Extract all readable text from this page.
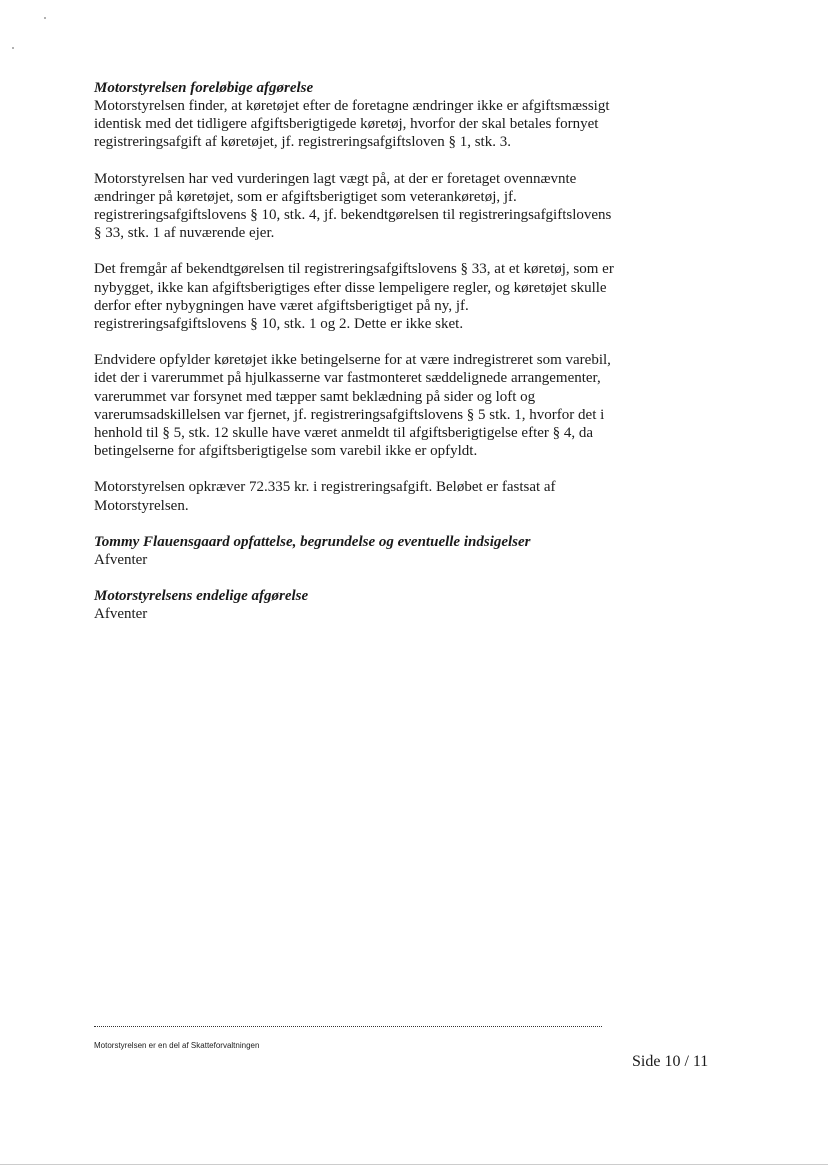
Motorstyrelsen foreløbige afgørelse

Motorstyrelsen finder, at køretøjet efter de foretagne ændringer ikke er afgiftsmæssigt identisk med det tidligere afgiftsberigtigede køretøj, hvorfor der skal betales fornyet registreringsafgift af køretøjet, jf. registreringsafgiftsloven § 1, stk. 3.

Motorstyrelsen har ved vurderingen lagt vægt på, at der er foretaget ovennævnte ændringer på køretøjet, som er afgiftsberigtiget som veterankøretøj, jf. registreringsafgiftslovens § 10, stk. 4, jf. bekendtgørelsen til registreringsafgiftslovens § 33, stk. 1 af nuværende ejer.

Det fremgår af bekendtgørelsen til registreringsafgiftslovens § 33, at et køretøj, som er nybygget, ikke kan afgiftsberigtiges efter disse lempeligere regler, og køretøjet skulle derfor efter nybygningen have været afgiftsberigtiget på ny, jf. registreringsafgiftslovens § 10, stk. 1 og 2. Dette er ikke sket.

Endvidere opfylder køretøjet ikke betingelserne for at være indregistreret som varebil, idet der i varerummet på hjulkasserne var fastmonteret sæddelignede arrangementer, varerummet var forsynet med tæpper samt beklædning på sider og loft og varerumsadskillelsen var fjernet, jf. registreringsafgiftslovens § 5 stk. 1, hvorfor det i henhold til § 5, stk. 12 skulle have været anmeldt til afgiftsberigtigelse efter § 4, da betingelserne for afgiftsberigtigelse som varebil ikke er opfyldt.

Motorstyrelsen opkræver 72.335 kr. i registreringsafgift. Beløbet er fastsat af Motorstyrelsen.

Tommy Flauensgaard opfattelse, begrundelse og eventuelle indsigelser

Afventer

Motorstyrelsens endelige afgørelse

Afventer

Motorstyrelsen er en del af Skatteforvaltningen
Side 10 / 11
